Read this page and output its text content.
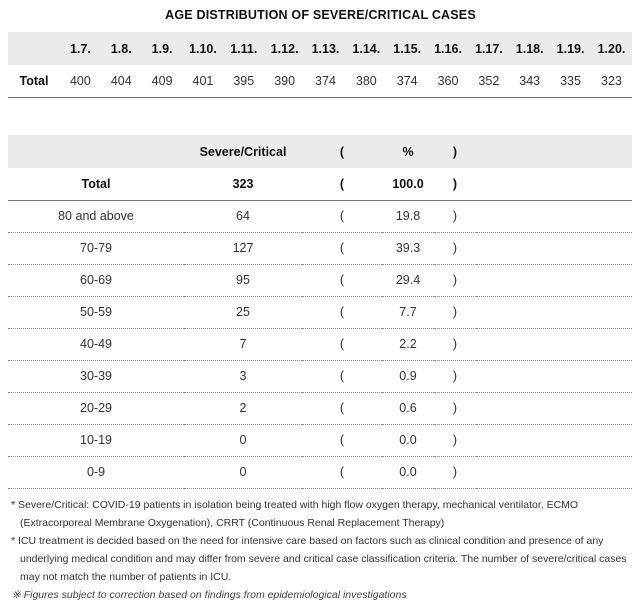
AGE DISTRIBUTION OF SEVERE/CRITICAL CASES
	1.7.	1.8.	1.9.	1.10.	1.11.	1.12.	1.13.	1.14.	1.15.	1.16.	1.17.	1.18.	1.19.	1.20.
Total	400	404	409	401	395	390	374	380	374	360	352	343	335	323
	Severe/Critical	(	%	)	
Total	323	(	100.0	)	
80 and above	64	(	19.8	)	
70-79	127	(	39.3	)	
60-69	95	(	29.4	)	
50-59	25	(	7.7	)	
40-49	7	(	2.2	)	
30-39	3	(	0.9	)	
20-29	2	(	0.6	)	
10-19	0	(	0.0	)	
0-9	0	(	0.0	)	

* Severe/Critical: COVID-19 patients in isolation being treated with high flow oxygen therapy, mechanical ventilator, ECMO (Extracorporeal Membrane Oxygenation), CRRT (Continuous Renal Replacement Therapy)

* ICU treatment is decided based on the need for intensive care based on factors such as clinical condition and presence of any underlying medical condition and may differ from severe and critical case classification criteria. The number of severe/critical cases may not match the number of patients in ICU.

※ Figures subject to correction based on findings from epidemiological investigations
